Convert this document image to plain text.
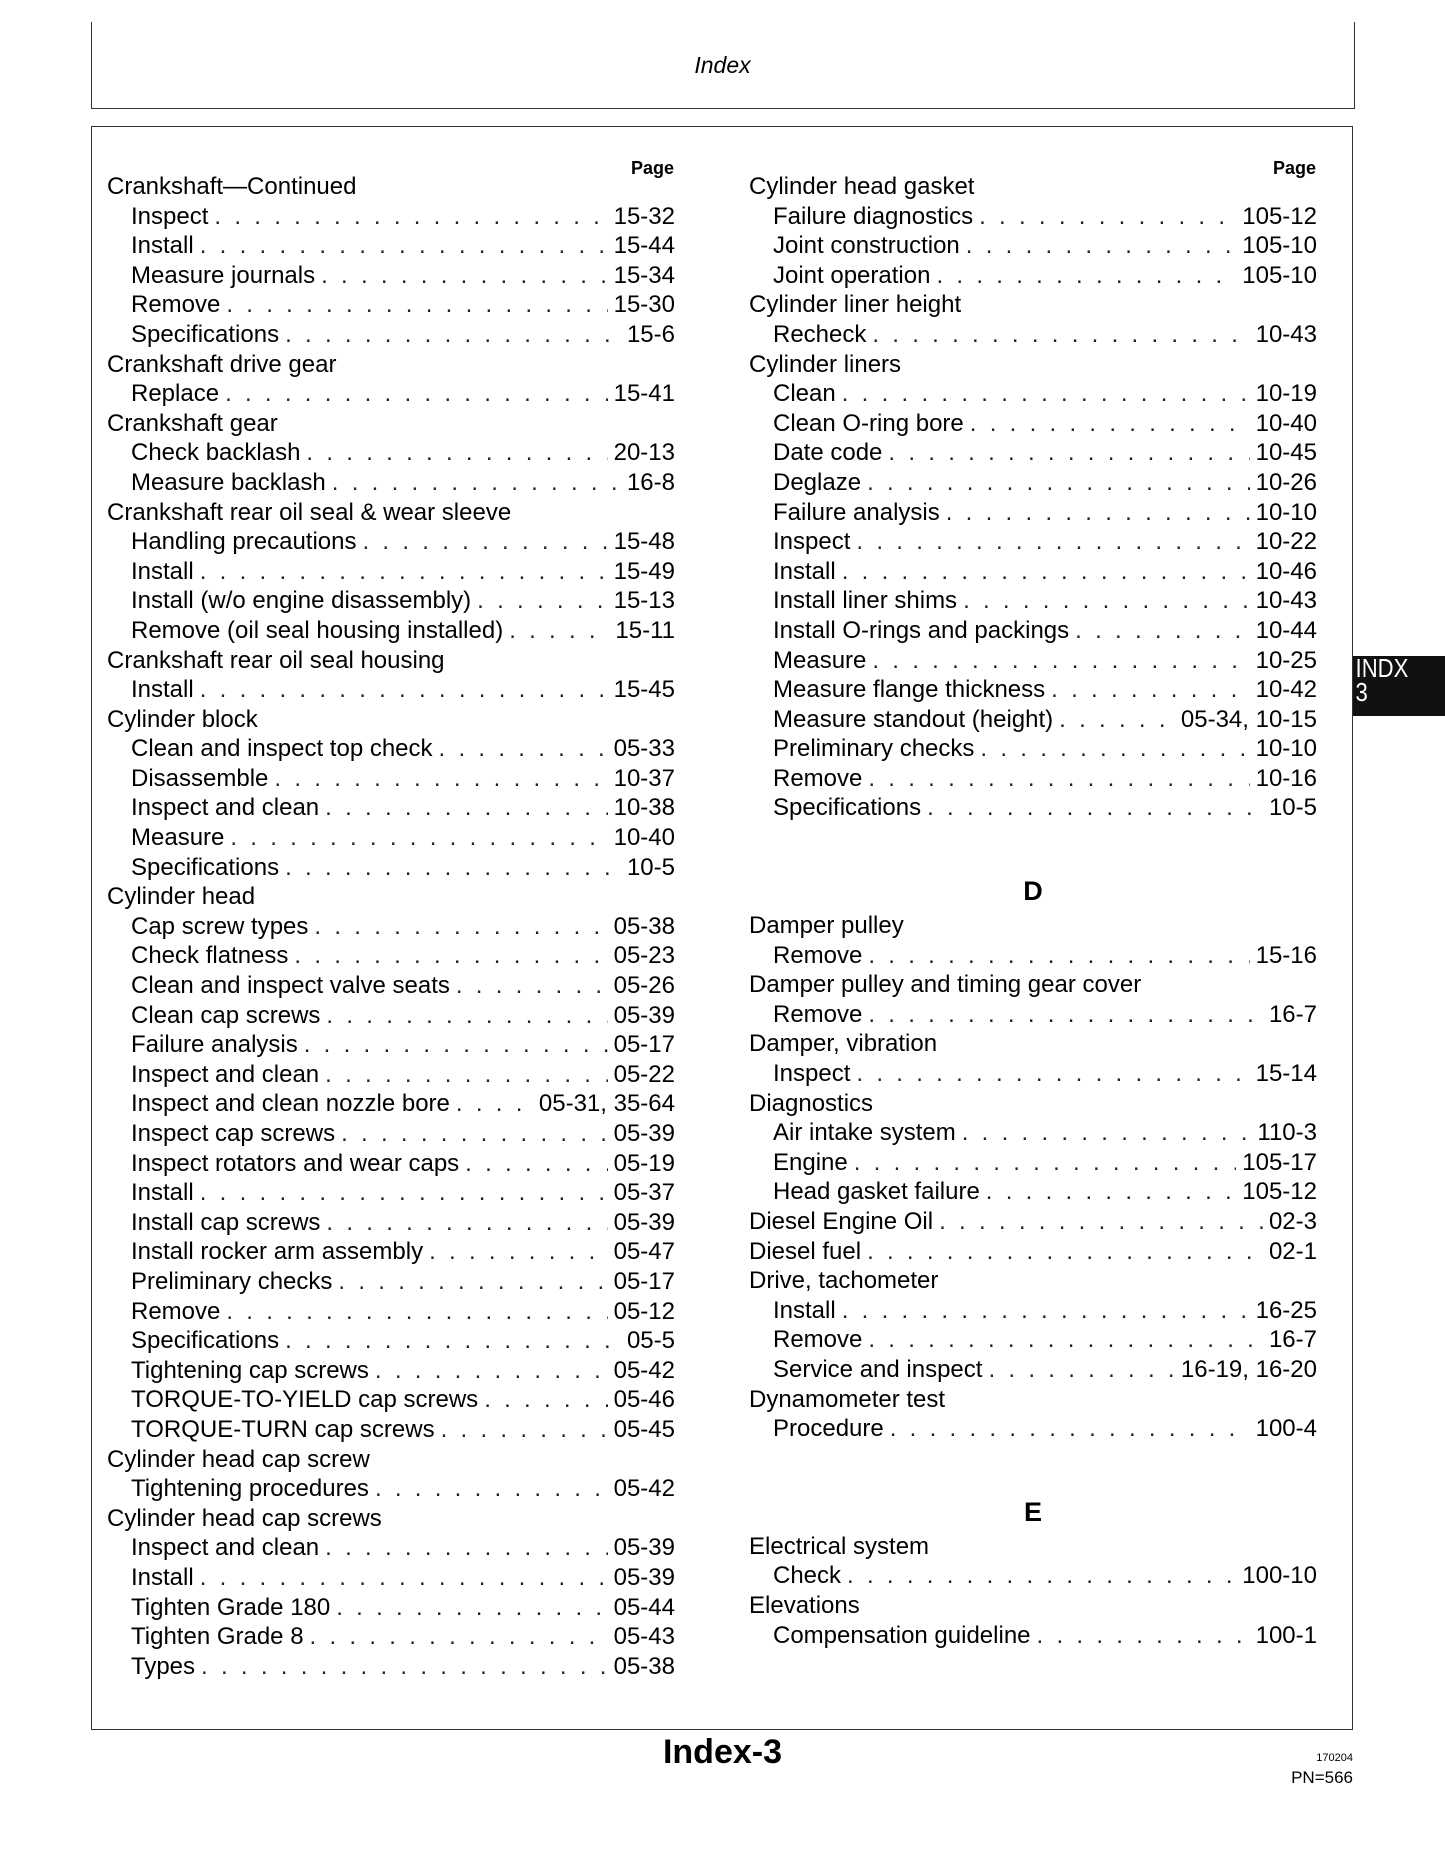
Index
Page
Crankshaft—Continued
Inspect . . .	15-32
Install . . .	15-44
Measure journals . . .	15-34
Remove . . .	15-30
Specifications . . .	15-6
Crankshaft drive gear
Replace . . .	15-41
Crankshaft gear
Check backlash . . .	20-13
Measure backlash . . .	16-8
Crankshaft rear oil seal & wear sleeve
Handling precautions . . .	15-48
Install . . .	15-49
Install (w/o engine disassembly) . . .	15-13
Remove (oil seal housing installed) . . .	15-11
Crankshaft rear oil seal housing
Install . . .	15-45
Cylinder block
Clean and inspect top check . . .	05-33
Disassemble . . .	10-37
Inspect and clean . . .	10-38
Measure . . .	10-40
Specifications . . .	10-5
Cylinder head
Cap screw types . . .	05-38
Check flatness . . .	05-23
Clean and inspect valve seats . . .	05-26
Clean cap screws . . .	05-39
Failure analysis . . .	05-17
Inspect and clean . . .	05-22
Inspect and clean nozzle bore . . .	05-31, 35-64
Inspect cap screws . . .	05-39
Inspect rotators and wear caps . . .	05-19
Install . . .	05-37
Install cap screws . . .	05-39
Install rocker arm assembly . . .	05-47
Preliminary checks . . .	05-17
Remove . . .	05-12
Specifications . . .	05-5
Tightening cap screws . . .	05-42
TORQUE-TO-YIELD cap screws . . .	05-46
TORQUE-TURN cap screws . . .	05-45
Cylinder head cap screw
Tightening procedures . . .	05-42
Cylinder head cap screws
Inspect and clean . . .	05-39
Install . . .	05-39
Tighten Grade 180 . . .	05-44
Tighten Grade 8 . . .	05-43
Types . . .	05-38
Page
Cylinder head gasket
Failure diagnostics . . .	105-12
Joint construction . . .	105-10
Joint operation . . .	105-10
Cylinder liner height
Recheck . . .	10-43
Cylinder liners
Clean . . .	10-19
Clean O-ring bore . . .	10-40
Date code . . .	10-45
Deglaze . . .	10-26
Failure analysis . . .	10-10
Inspect . . .	10-22
Install . . .	10-46
Install liner shims . . .	10-43
Install O-rings and packings . . .	10-44
Measure . . .	10-25
Measure flange thickness . . .	10-42
Measure standout (height) . . .	05-34, 10-15
Preliminary checks . . .	10-10
Remove . . .	10-16
Specifications . . .	10-5
D
Damper pulley
Remove . . .	15-16
Damper pulley and timing gear cover
Remove . . .	16-7
Damper, vibration
Inspect . . .	15-14
Diagnostics
Air intake system . . .	110-3
Engine . . .	105-17
Head gasket failure . . .	105-12
Diesel Engine Oil . . .	02-3
Diesel fuel . . .	02-1
Drive, tachometer
Install . . .	16-25
Remove . . .	16-7
Service and inspect . . .	16-19, 16-20
Dynamometer test
Procedure . . .	100-4
E
Electrical system
Check . . .	100-10
Elevations
Compensation guideline . . .	100-1
INDX
3
Index-3	170204
PN=566
